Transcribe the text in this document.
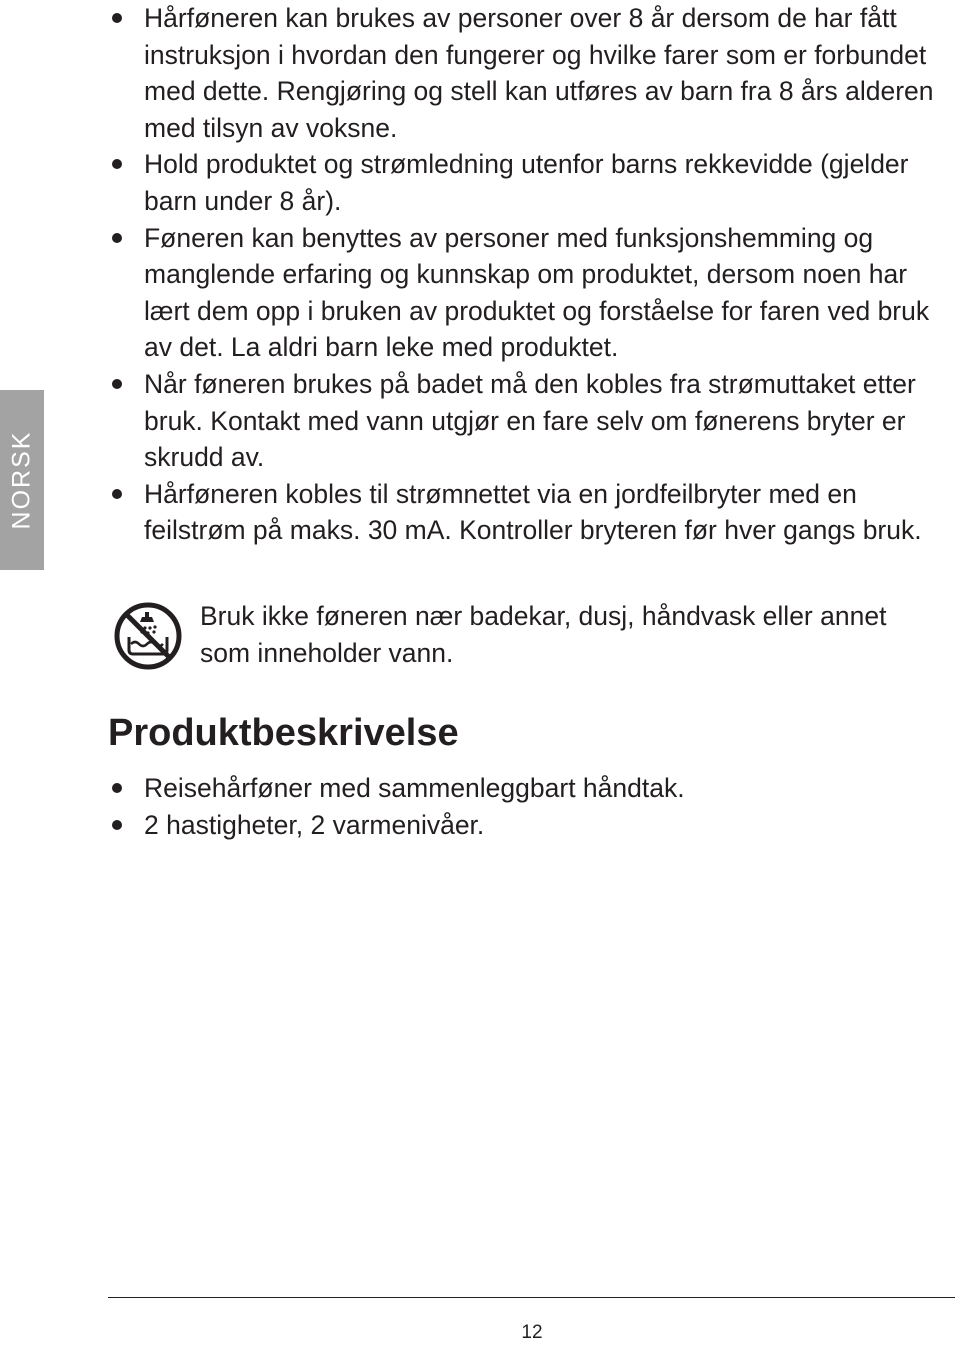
NORSK
Hårføneren kan brukes av personer over 8 år dersom de har fått instruksjon i hvordan den fungerer og hvilke farer som er forbundet med dette. Rengjøring og stell kan utføres av barn fra 8 års alderen med tilsyn av voksne.
Hold produktet og strømledning utenfor barns rekkevidde (gjelder barn under 8 år).
Føneren kan benyttes av personer med funksjonshemming og manglende erfaring og kunnskap om produktet, dersom noen har lært dem opp i bruken av produktet og forståelse for faren ved bruk av det. La aldri barn leke med produktet.
Når føneren brukes på badet må den kobles fra strømuttaket etter bruk. Kontakt med vann utgjør en fare selv om fønerens bryter er skrudd av.
Hårføneren kobles til strømnettet via en jordfeilbryter med en feilstrøm på maks. 30 mA. Kontroller bryteren før hver gangs bruk.
Bruk ikke føneren nær badekar, dusj, håndvask eller annet som inneholder vann.
Produktbeskrivelse
Reisehårføner med sammenleggbart håndtak.
2 hastigheter, 2 varmenivåer.
12
